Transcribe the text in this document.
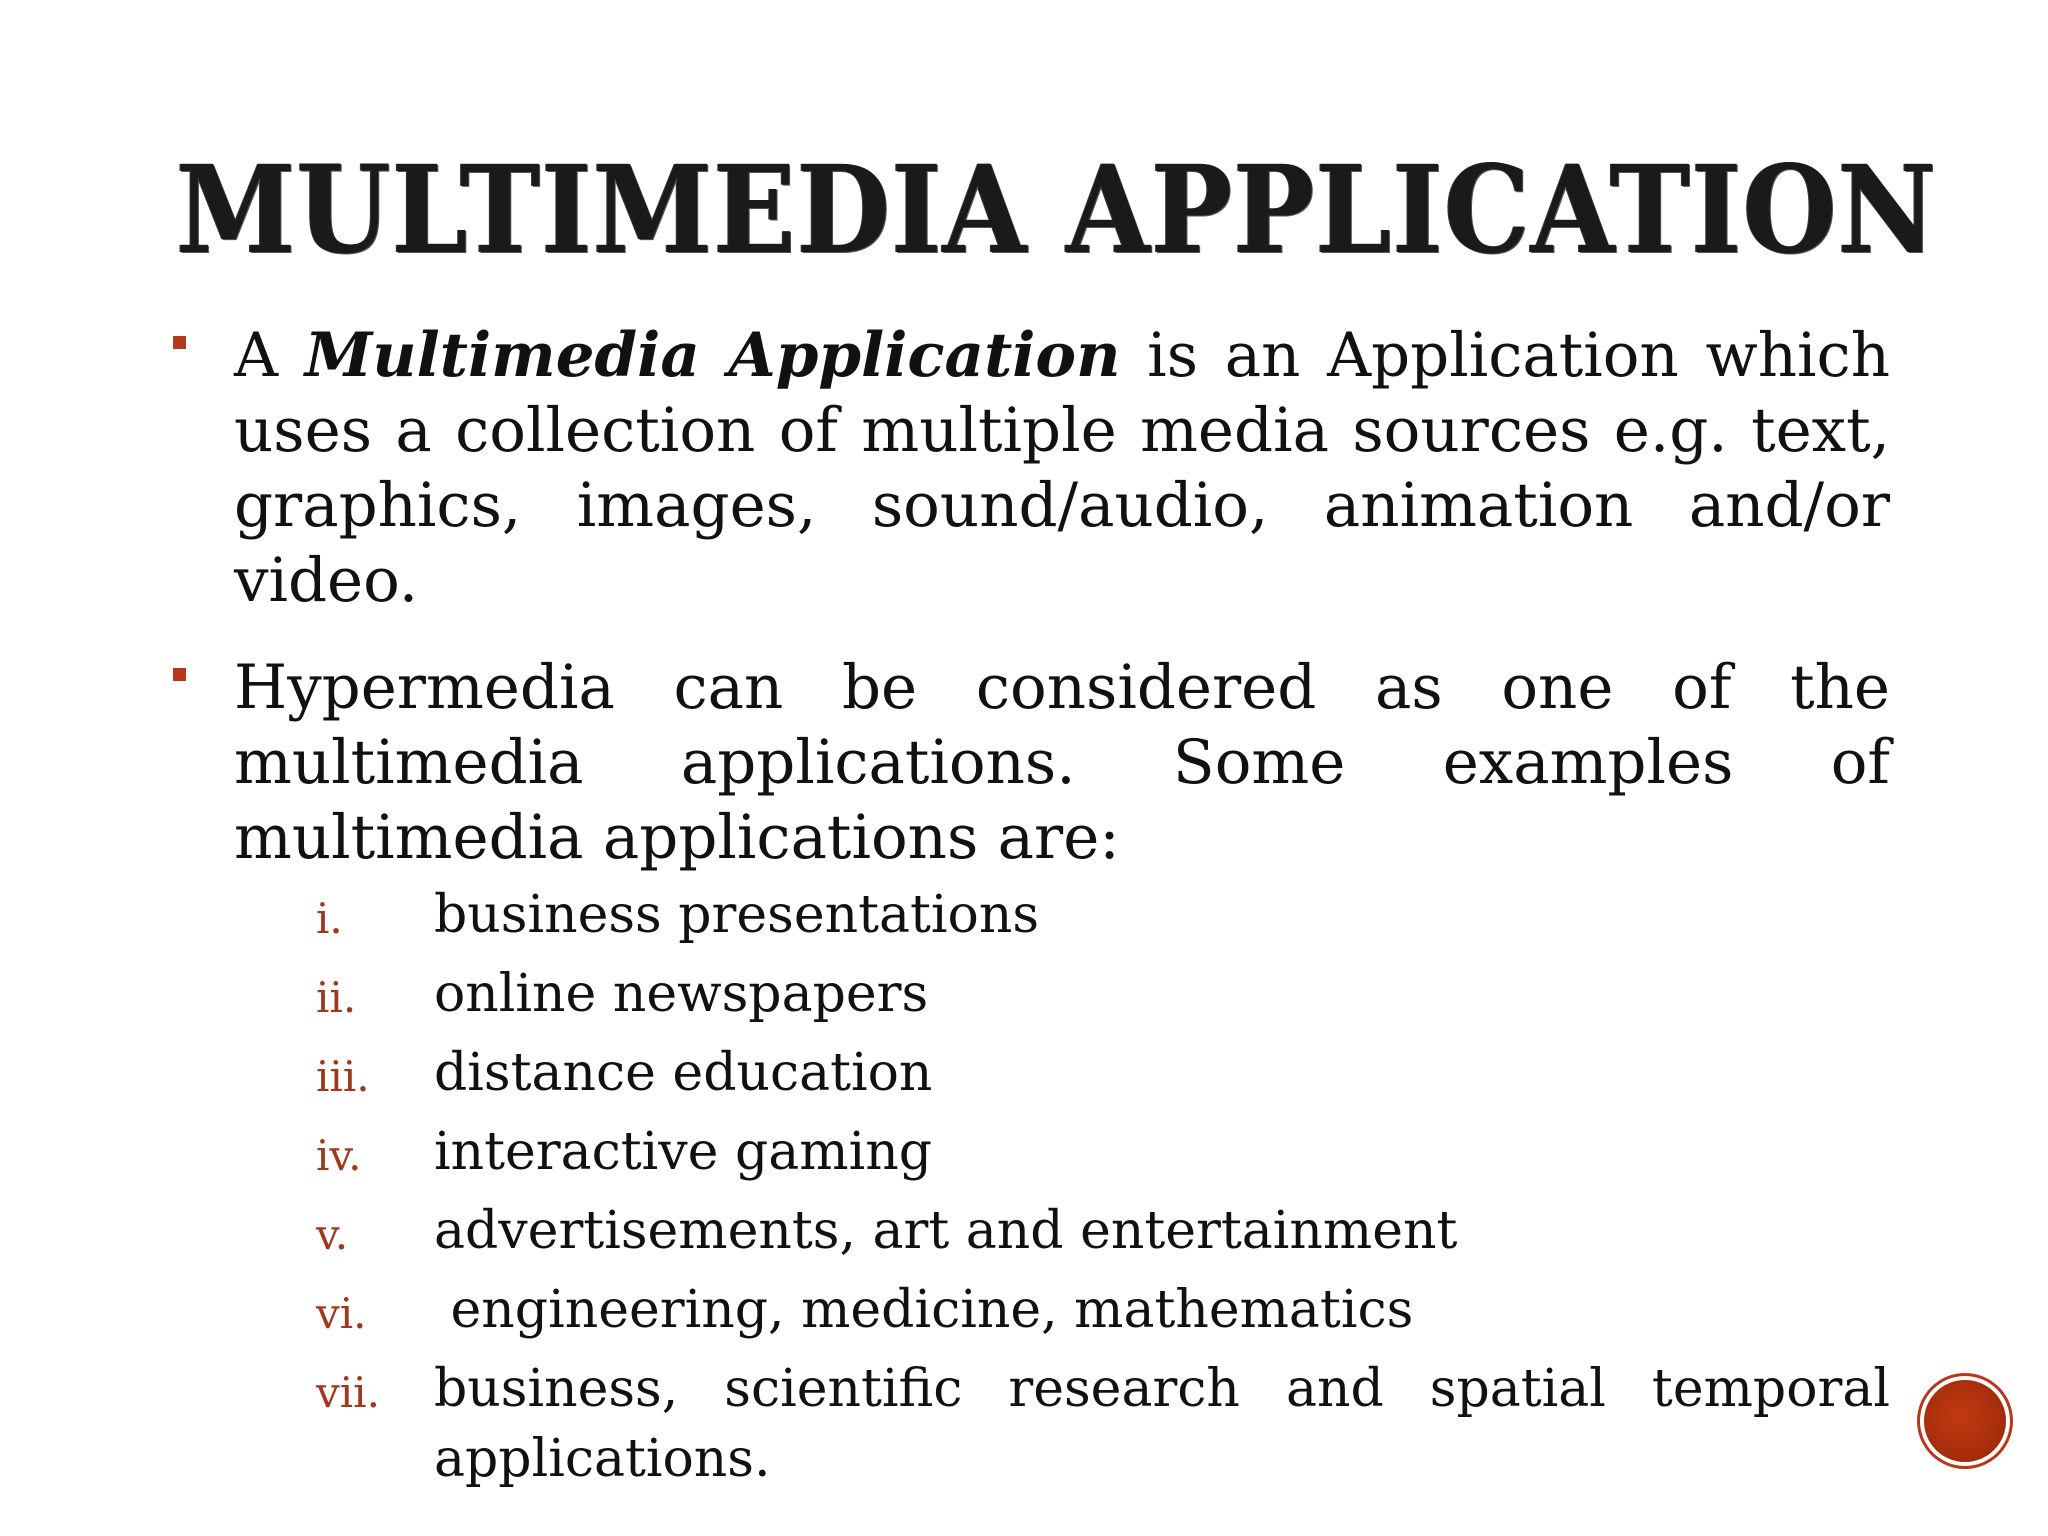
MULTIMEDIA APPLICATION
A Multimedia Application is an Application which uses a collection of multiple media sources e.g. text, graphics, images, sound/audio, animation and/or video.
Hypermedia can be considered as one of the multimedia applications. Some examples of multimedia applications are:
i. business presentations
ii. online newspapers
iii. distance education
iv. interactive gaming
v. advertisements, art and entertainment
vi. engineering, medicine, mathematics
vii. business, scientific research and spatial temporal applications.
